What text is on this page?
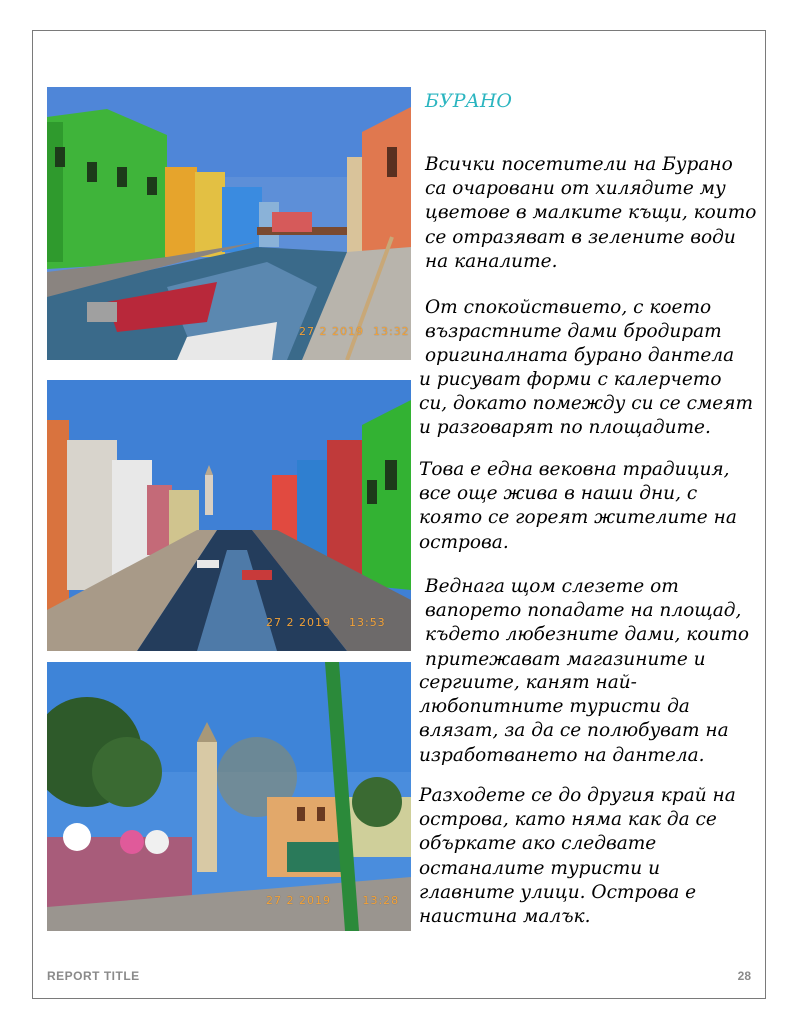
27 2 2019 13:32
27 2 2019 13:53
27 2 2019	13:28
БУРАНО

Всички посетители на Бурано
са очаровани от хилядите му
цветове в малките къщи, които
се отразяват в зелените води
на каналите.

От спокойствието, с което
възрастните дами бродират
оригиналната бурано дантела

и рисуват форми с калерчето
си, докато помежду си се смеят
и разговарят по площадите.

Това е една вековна традиция,
все още жива в наши дни, с
която се горeят жителите на
острова.

Веднага щом слезете от
вапорето попадате на площад,
където любезните дами, които
притежават магазините и

сергиите, канят най-
любопитните туристи да
влязат, за да се полюбуват на
изработването на дантела.

Разходете се до другия край на
острова, като няма как да се
объркате ако следвате
останалите туристи и
главните улици. Острова е
наистина малък.

REPORT TITLE	28
